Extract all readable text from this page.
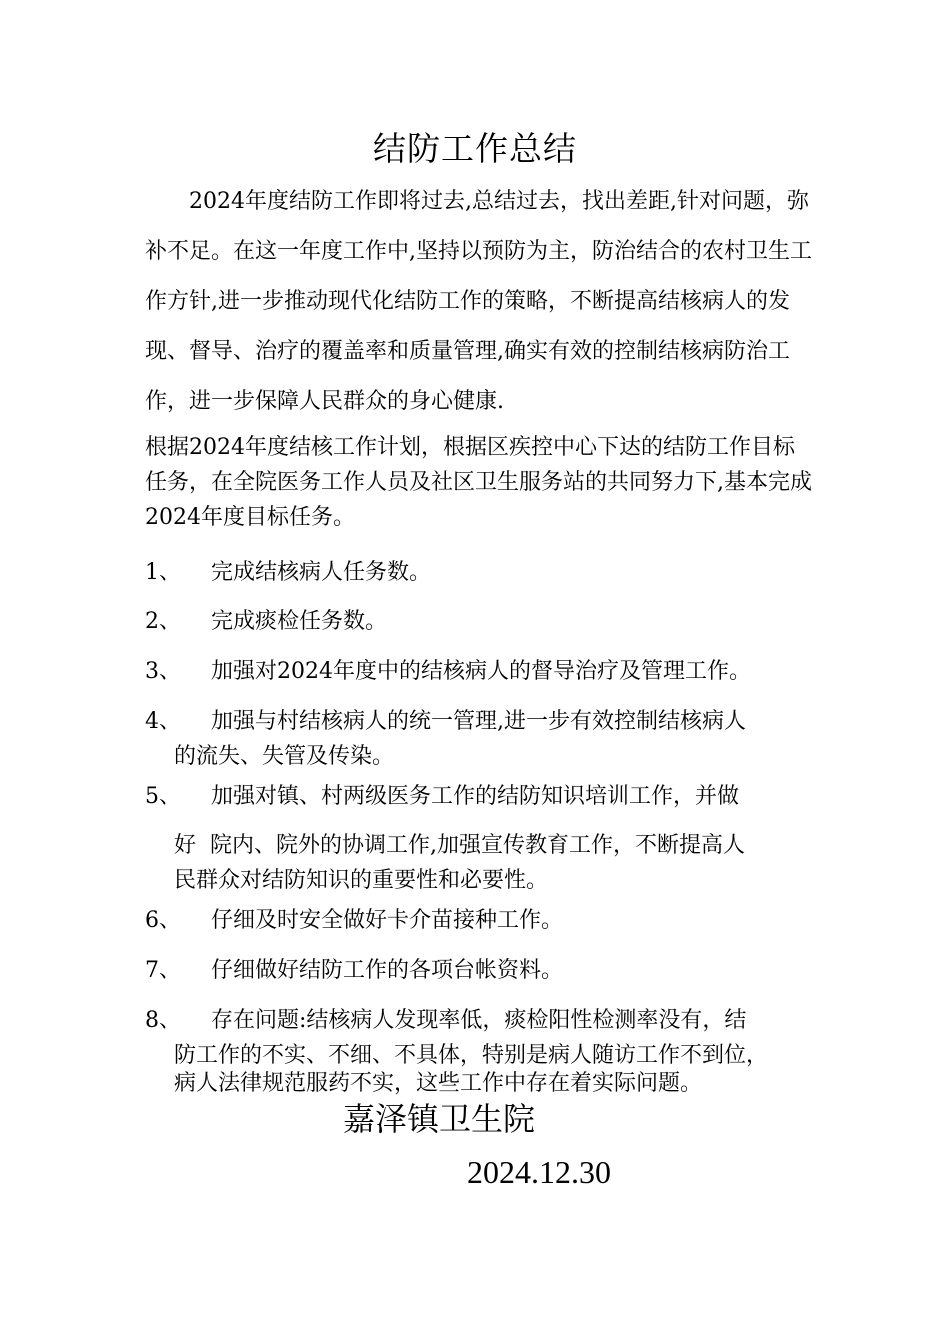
结防工作总结
2024年度结防工作即将过去,总结过去，找出差距,针对问题，弥补不足。在这一年度工作中,坚持以预防为主，防治结合的农村卫生工作方针,进一步推动现代化结防工作的策略，不断提高结核病人的发现、督导、治疗的覆盖率和质量管理,确实有效的控制结核病防治工作，进一步保障人民群众的身心健康.
根据2024年度结核工作计划，根据区疾控中心下达的结防工作目标任务，在全院医务工作人员及社区卫生服务站的共同努力下,基本完成2024年度目标任务。
1、	完成结核病人任务数。
2、	完成痰检任务数。
3、	加强对2024年度中的结核病人的督导治疗及管理工作。
4、	加强与村结核病人的统一管理,进一步有效控制结核病人
的流失、失管及传染。
5、	加强对镇、村两级医务工作的结防知识培训工作，并做
好  院内、院外的协调工作,加强宣传教育工作，不断提高人
民群众对结防知识的重要性和必要性。
6、	仔细及时安全做好卡介苗接种工作。
7、	仔细做好结防工作的各项台帐资料。
8、	存在问题:结核病人发现率低，痰检阳性检测率没有，结
防工作的不实、不细、不具体，特别是病人随访工作不到位，
病人法律规范服药不实，这些工作中存在着实际问题。
嘉泽镇卫生院
2024.12.30
